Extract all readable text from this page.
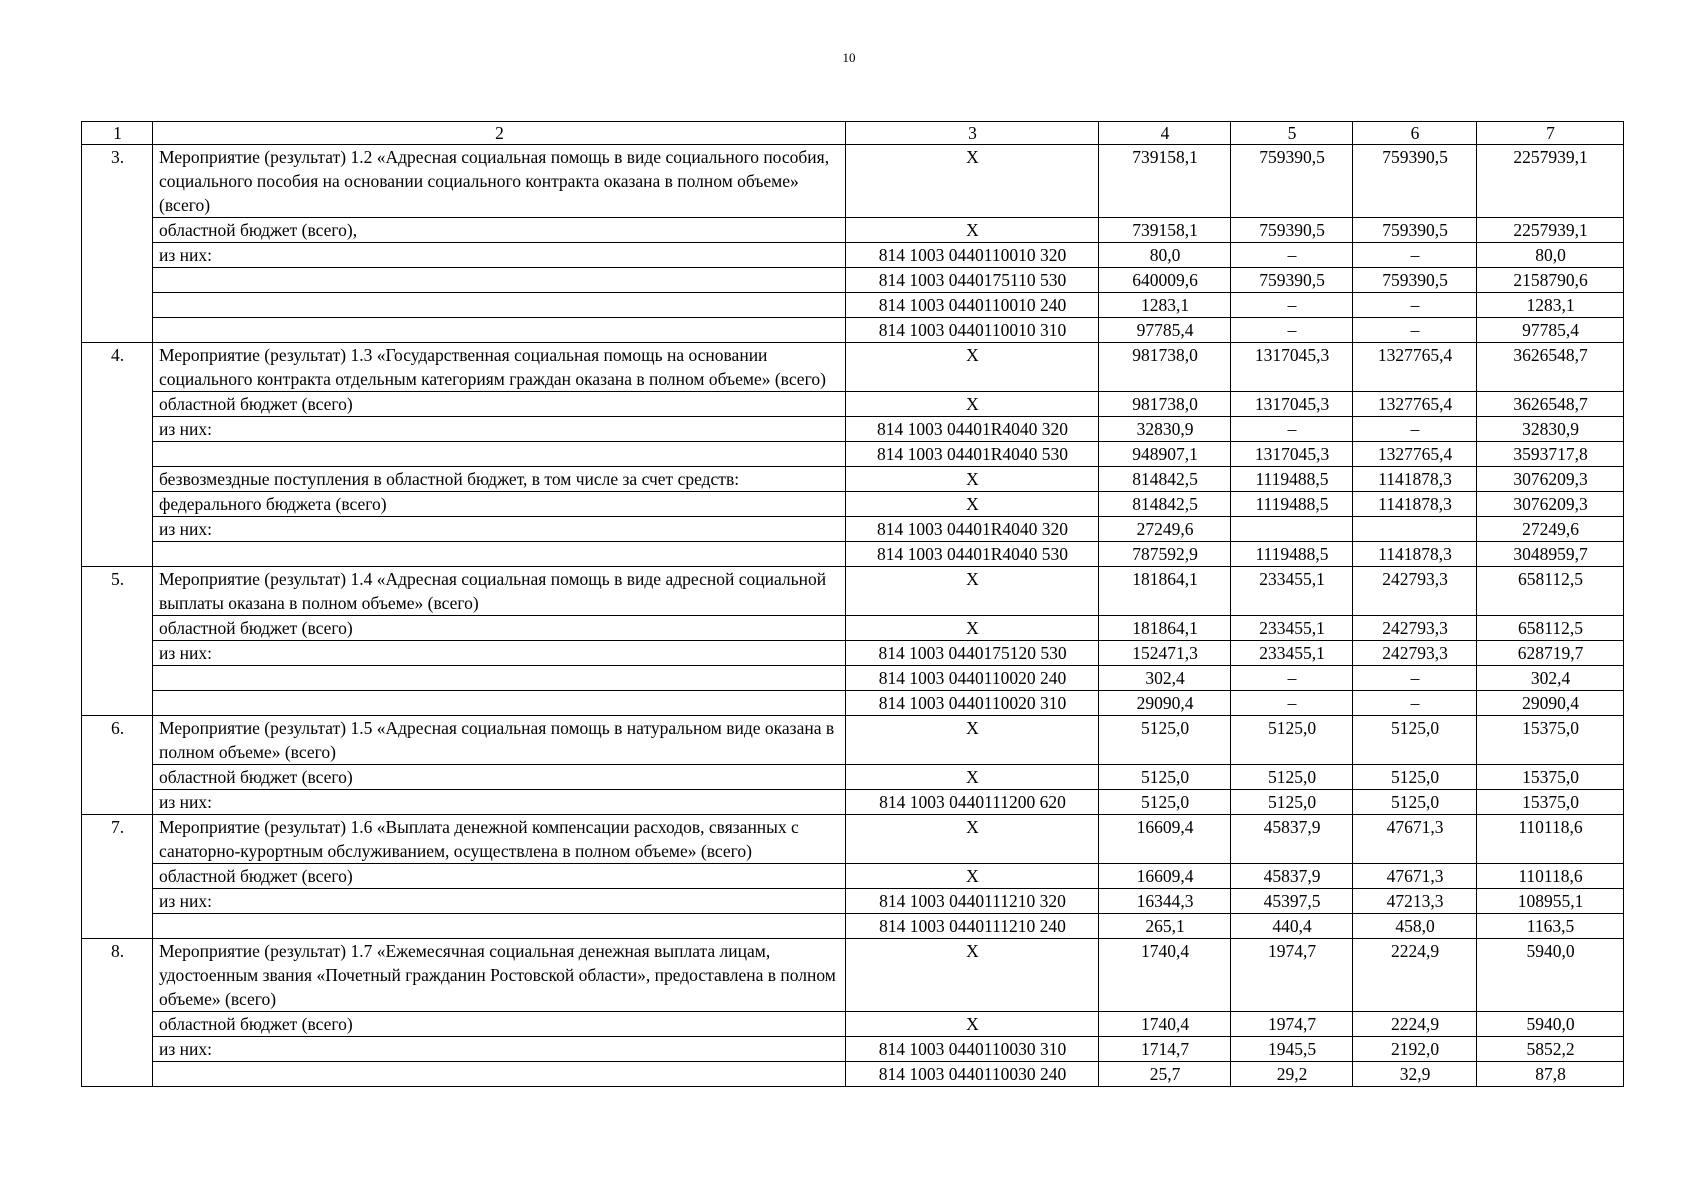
10
1	2	3	4	5	6	7
3.	Мероприятие (результат) 1.2 «Адресная социальная помощь в виде социального пособия, социального пособия на основании социального контракта оказана в полном объеме» (всего)	Х	739158,1	759390,5	759390,5	2257939,1
	областной бюджет (всего),	Х	739158,1	759390,5	759390,5	2257939,1
	из них:	814 1003 0440110010 320	80,0	–	–	80,0
		814 1003 0440175110 530	640009,6	759390,5	759390,5	2158790,6
		814 1003 0440110010 240	1283,1	–	–	1283,1
		814 1003 0440110010 310	97785,4	–	–	97785,4
4.	Мероприятие (результат) 1.3 «Государственная социальная помощь на основании социального контракта отдельным категориям граждан оказана в полном объеме» (всего)	Х	981738,0	1317045,3	1327765,4	3626548,7
	областной бюджет (всего)	Х	981738,0	1317045,3	1327765,4	3626548,7
	из них:	814 1003 04401R4040 320	32830,9	–	–	32830,9
		814 1003 04401R4040 530	948907,1	1317045,3	1327765,4	3593717,8
	безвозмездные поступления в областной бюджет, в том числе за счет средств:	Х	814842,5	1119488,5	1141878,3	3076209,3
	федерального бюджета (всего)	Х	814842,5	1119488,5	1141878,3	3076209,3
	из них:	814 1003 04401R4040 320	27249,6			27249,6
		814 1003 04401R4040 530	787592,9	1119488,5	1141878,3	3048959,7
5.	Мероприятие (результат) 1.4 «Адресная социальная помощь в виде адресной социальной выплаты оказана в полном объеме» (всего)	Х	181864,1	233455,1	242793,3	658112,5
	областной бюджет (всего)	Х	181864,1	233455,1	242793,3	658112,5
	из них:	814 1003 0440175120 530	152471,3	233455,1	242793,3	628719,7
		814 1003 0440110020 240	302,4	–	–	302,4
		814 1003 0440110020 310	29090,4	–	–	29090,4
6.	Мероприятие (результат) 1.5 «Адресная социальная помощь в натуральном виде оказана в полном объеме» (всего)	Х	5125,0	5125,0	5125,0	15375,0
	областной бюджет (всего)	Х	5125,0	5125,0	5125,0	15375,0
	из них:	814 1003 0440111200 620	5125,0	5125,0	5125,0	15375,0
7.	Мероприятие (результат) 1.6 «Выплата денежной компенсации расходов, связанных с санаторно-курортным обслуживанием, осуществлена в полном объеме» (всего)	Х	16609,4	45837,9	47671,3	110118,6
	областной бюджет (всего)	Х	16609,4	45837,9	47671,3	110118,6
	из них:	814 1003 0440111210 320	16344,3	45397,5	47213,3	108955,1
		814 1003 0440111210 240	265,1	440,4	458,0	1163,5
8.	Мероприятие (результат) 1.7 «Ежемесячная социальная денежная выплата лицам, удостоенным звания «Почетный гражданин Ростовской области», предоставлена в полном объеме» (всего)	Х	1740,4	1974,7	2224,9	5940,0
	областной бюджет (всего)	Х	1740,4	1974,7	2224,9	5940,0
	из них:	814 1003 0440110030 310	1714,7	1945,5	2192,0	5852,2
		814 1003 0440110030 240	25,7	29,2	32,9	87,8
